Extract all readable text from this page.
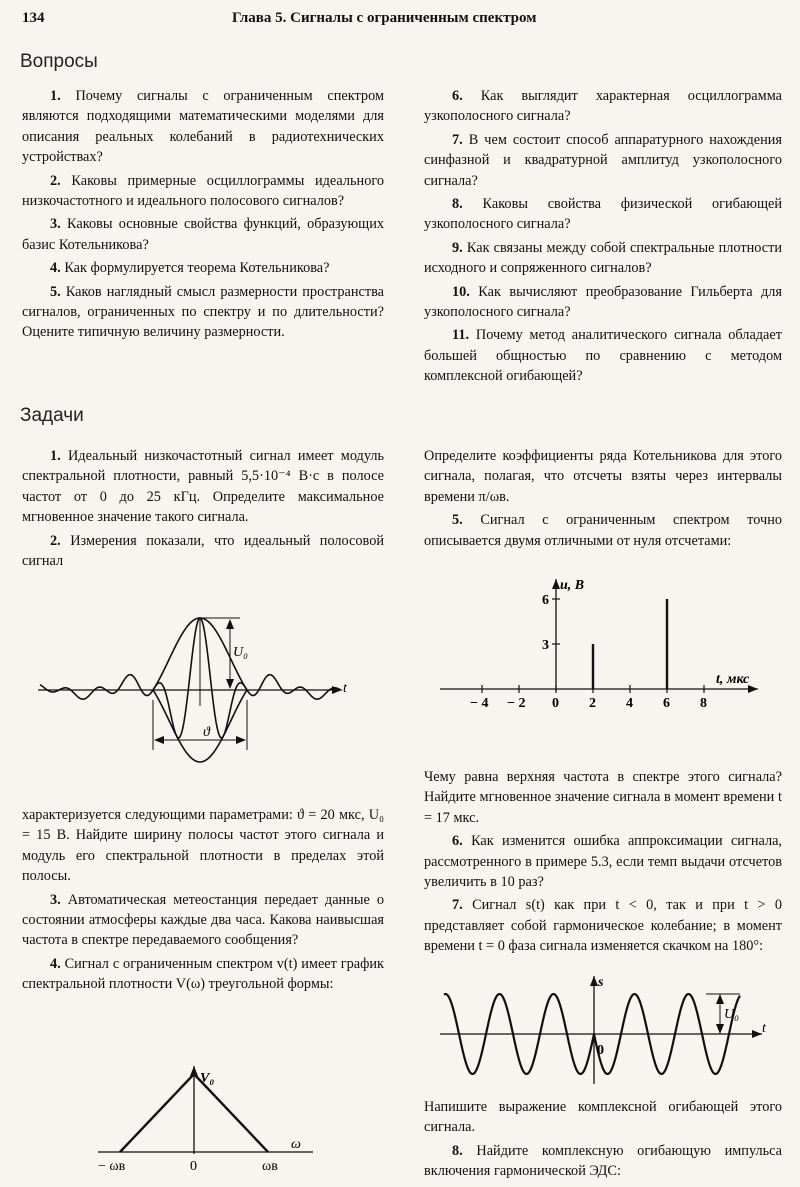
134	Глава 5. Сигналы с ограниченным спектром
Вопросы

1. Почему сигналы с ограниченным спектром являются подходящими математическими моделями для описания реальных колебаний в радиотехнических устройствах?

2. Каковы примерные осциллограммы идеального низкочастотного и идеального полосового сигналов?

3. Каковы основные свойства функций, образующих базис Котельникова?

4. Как формулируется теорема Котельникова?

5. Каков наглядный смысл размерности пространства сигналов, ограниченных по спектру и по длительности? Оцените типичную величину размерности.

6. Как выглядит характерная осциллограмма узкополосного сигнала?

7. В чем состоит способ аппаратурного нахождения синфазной и квадратурной амплитуд узкополосного сигнала?

8. Каковы свойства физической огибающей узкополосного сигнала?

9. Как связаны между собой спектральные плотности исходного и сопряженного сигналов?

10. Как вычисляют преобразование Гильберта для узкополосного сигнала?

11. Почему метод аналитического сигнала обладает большей общностью по сравнению с методом комплексной огибающей?

Задачи

1. Идеальный низкочастотный сигнал имеет модуль спектральной плотности, равный 5,5·10⁻⁴ В·с в полосе частот от 0 до 25 кГц. Определите максимальное мгновенное значение такого сигнала.

2. Измерения показали, что идеальный полосовой сигнал

t
U₀
ϑ

характеризуется следующими параметрами: ϑ = 20 мкс, U₀ = 15 В. Найдите ширину полосы частот этого сигнала и модуль его спектральной плотности в пределах этой полосы.

3. Автоматическая метеостанция передает данные о состоянии атмосферы каждые два часа. Какова наивысшая частота в спектре передаваемого сообщения?

4. Сигнал с ограниченным спектром v(t) имеет график спектральной плотности V(ω) треугольной формы:

V₀
ω
− ωв	0	ωв

Определите коэффициенты ряда Котельникова для этого сигнала, полагая, что отсчеты взяты через интервалы времени π/ωв.

5. Сигнал с ограниченным спектром точно описывается двумя отличными от нуля отсчетами:

u, В
t, мкс
− 4 − 2 0 2 4 6 8
3
6

Чему равна верхняя частота в спектре этого сигнала? Найдите мгновенное значение сигнала в момент времени t = 17 мкс.

6. Как изменится ошибка аппроксимации сигнала, рассмотренного в примере 5.3, если темп выдачи отсчетов увеличить в 10 раз?

7. Сигнал s(t) как при t < 0, так и при t > 0 представляет собой гармоническое колебание; в момент времени t = 0 фаза сигнала изменяется скачком на 180°:

s
t
0
U₀

Напишите выражение комплексной огибающей этого сигнала.

8. Найдите комплексную огибающую импульса включения гармонической ЭДС:
